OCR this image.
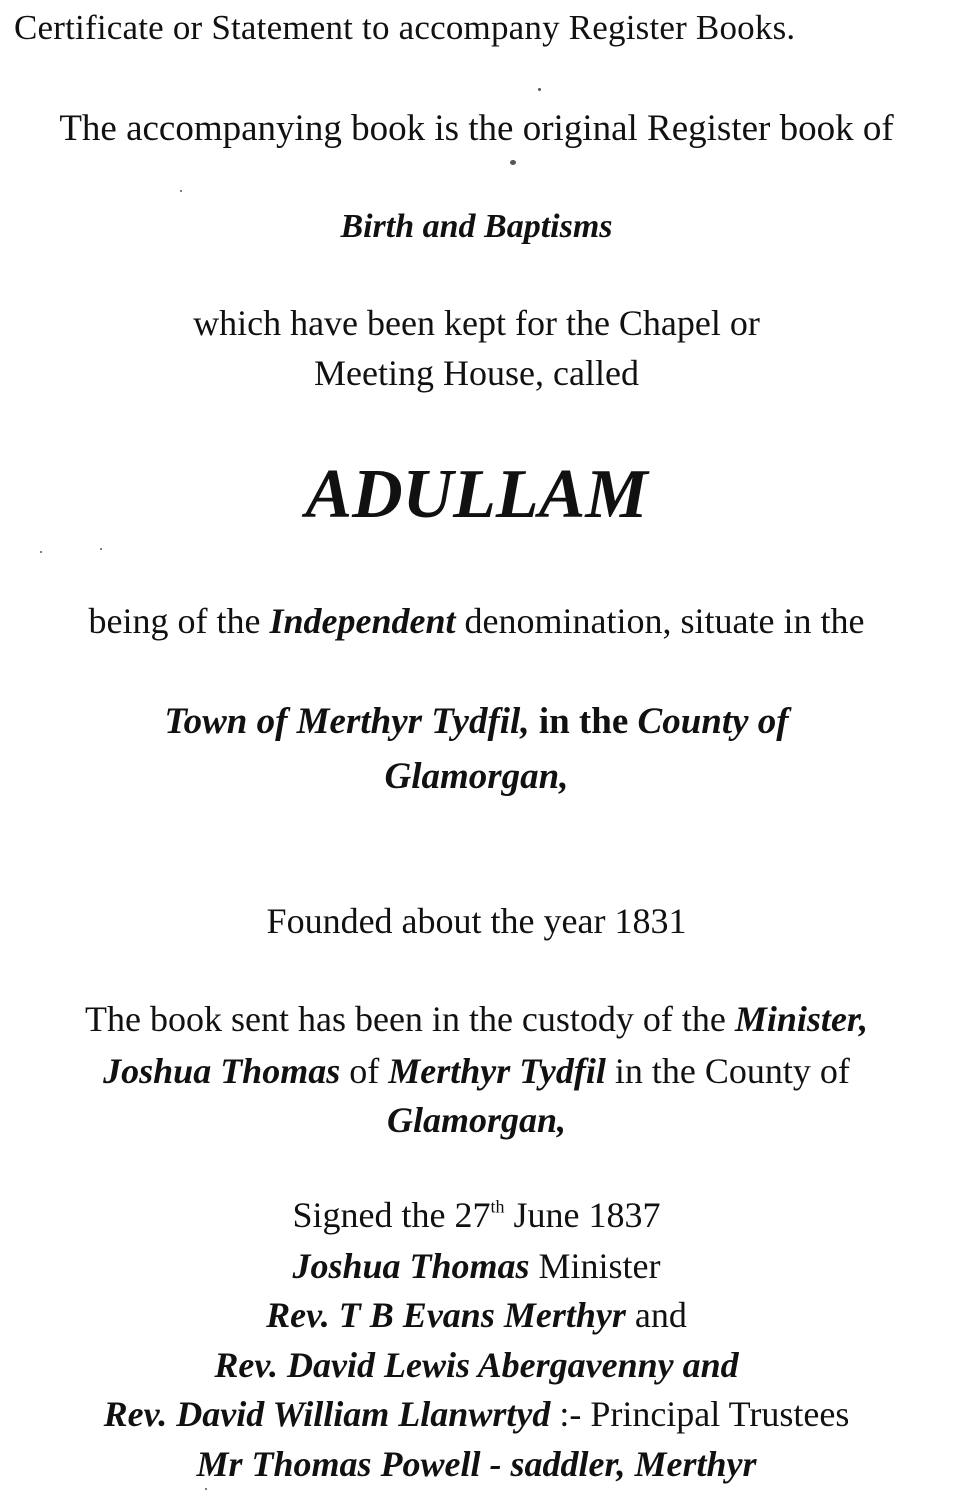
Certificate or Statement to accompany Register Books.
The accompanying book is the original Register book of
Birth and Baptisms
which have been kept for the Chapel or
Meeting House, called
ADULLAM
being of the Independent denomination, situate in the
Town of Merthyr Tydfil, in the County of
Glamorgan,
Founded about the year 1831
The book sent has been in the custody of the Minister,
Joshua Thomas of Merthyr Tydfil in the County of
Glamorgan,
Signed the 27th June 1837
Joshua Thomas Minister
Rev. T B Evans Merthyr and
Rev. David Lewis Abergavenny and
Rev. David William Llanwrtyd :- Principal Trustees
Mr Thomas Powell - saddler, Merthyr
